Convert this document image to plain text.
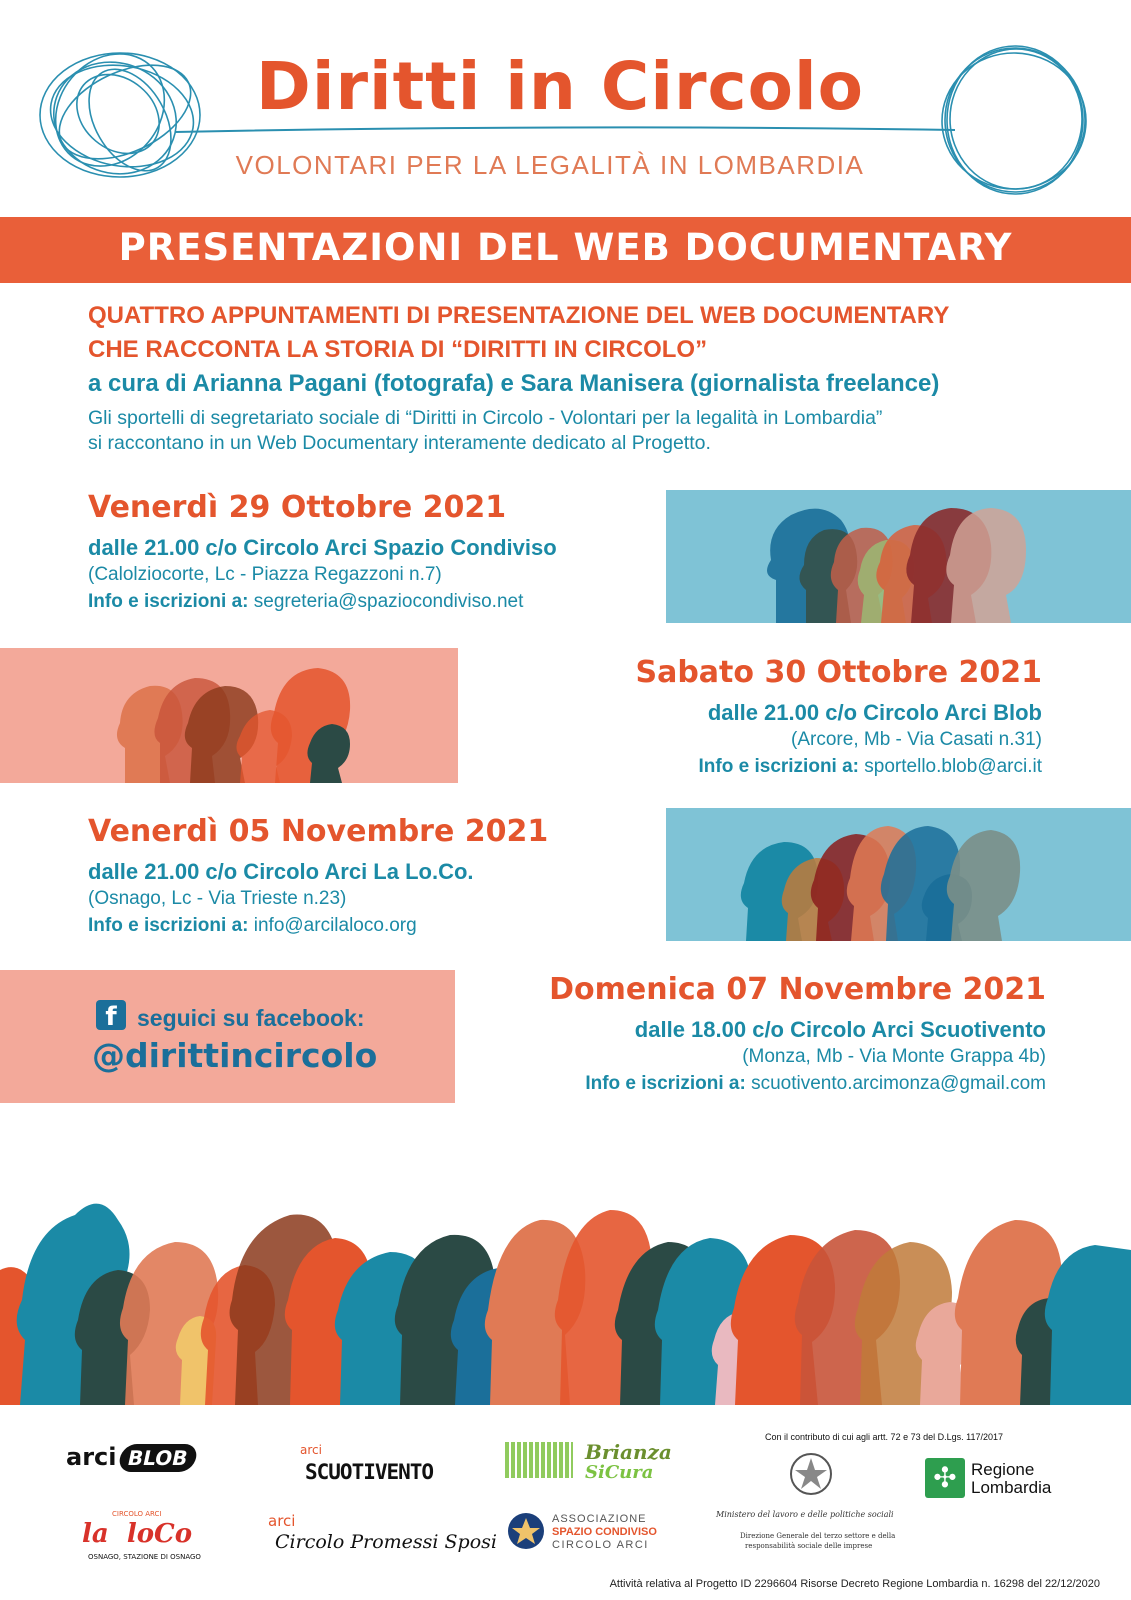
Diritti in Circolo
VOLONTARI PER LA LEGALITÀ IN LOMBARDIA
PRESENTAZIONI DEL WEB DOCUMENTARY
QUATTRO APPUNTAMENTI DI PRESENTAZIONE DEL WEB DOCUMENTARY
CHE RACCONTA LA STORIA DI “DIRITTI IN CIRCOLO”
a cura di Arianna Pagani (fotografa) e Sara Manisera (giornalista freelance)
Gli sportelli di segretariato sociale di “Diritti in Circolo - Volontari per la legalità in Lombardia”
si raccontano in un Web Documentary interamente dedicato al Progetto.
Venerdì 29 Ottobre 2021
dalle 21.00 c/o Circolo Arci Spazio Condiviso
(Calolziocorte, Lc - Piazza Regazzoni n.7)
Info e iscrizioni a: segreteria@spaziocondiviso.net
Sabato 30 Ottobre 2021
dalle 21.00 c/o Circolo Arci Blob
(Arcore, Mb - Via Casati n.31)
Info e iscrizioni a: sportello.blob@arci.it
Venerdì 05 Novembre 2021
dalle 21.00 c/o Circolo Arci La Lo.Co.
(Osnago, Lc - Via Trieste n.23)
Info e iscrizioni a: info@arcilaloco.org
f seguici su facebook:
@dirittincircolo
Domenica 07 Novembre 2021
dalle 18.00 c/o Circolo Arci Scuotivento
(Monza, Mb - Via Monte Grappa 4b)
Info e iscrizioni a: scuotivento.arcimonza@gmail.com
arci BLOB	arci
SCUOTIVENTO
Brianza
SiCura
Con il contributo di cui agli artt. 72 e 73 del D.Lgs. 117/2017
✣ Regione
Lombardia
CIRCOLO ARCI
la  loCo
OSNAGO, STAZIONE DI OSNAGO
arci
Circolo Promessi Sposi
ASSOCIAZIONE
SPAZIO CONDIVISO
CIRCOLO ARCI
Ministero del lavoro e delle politiche sociali
Direzione Generale del terzo settore e della
responsabilità sociale delle imprese
Attività relativa al Progetto ID 2296604 Risorse Decreto Regione Lombardia n. 16298 del 22/12/2020
